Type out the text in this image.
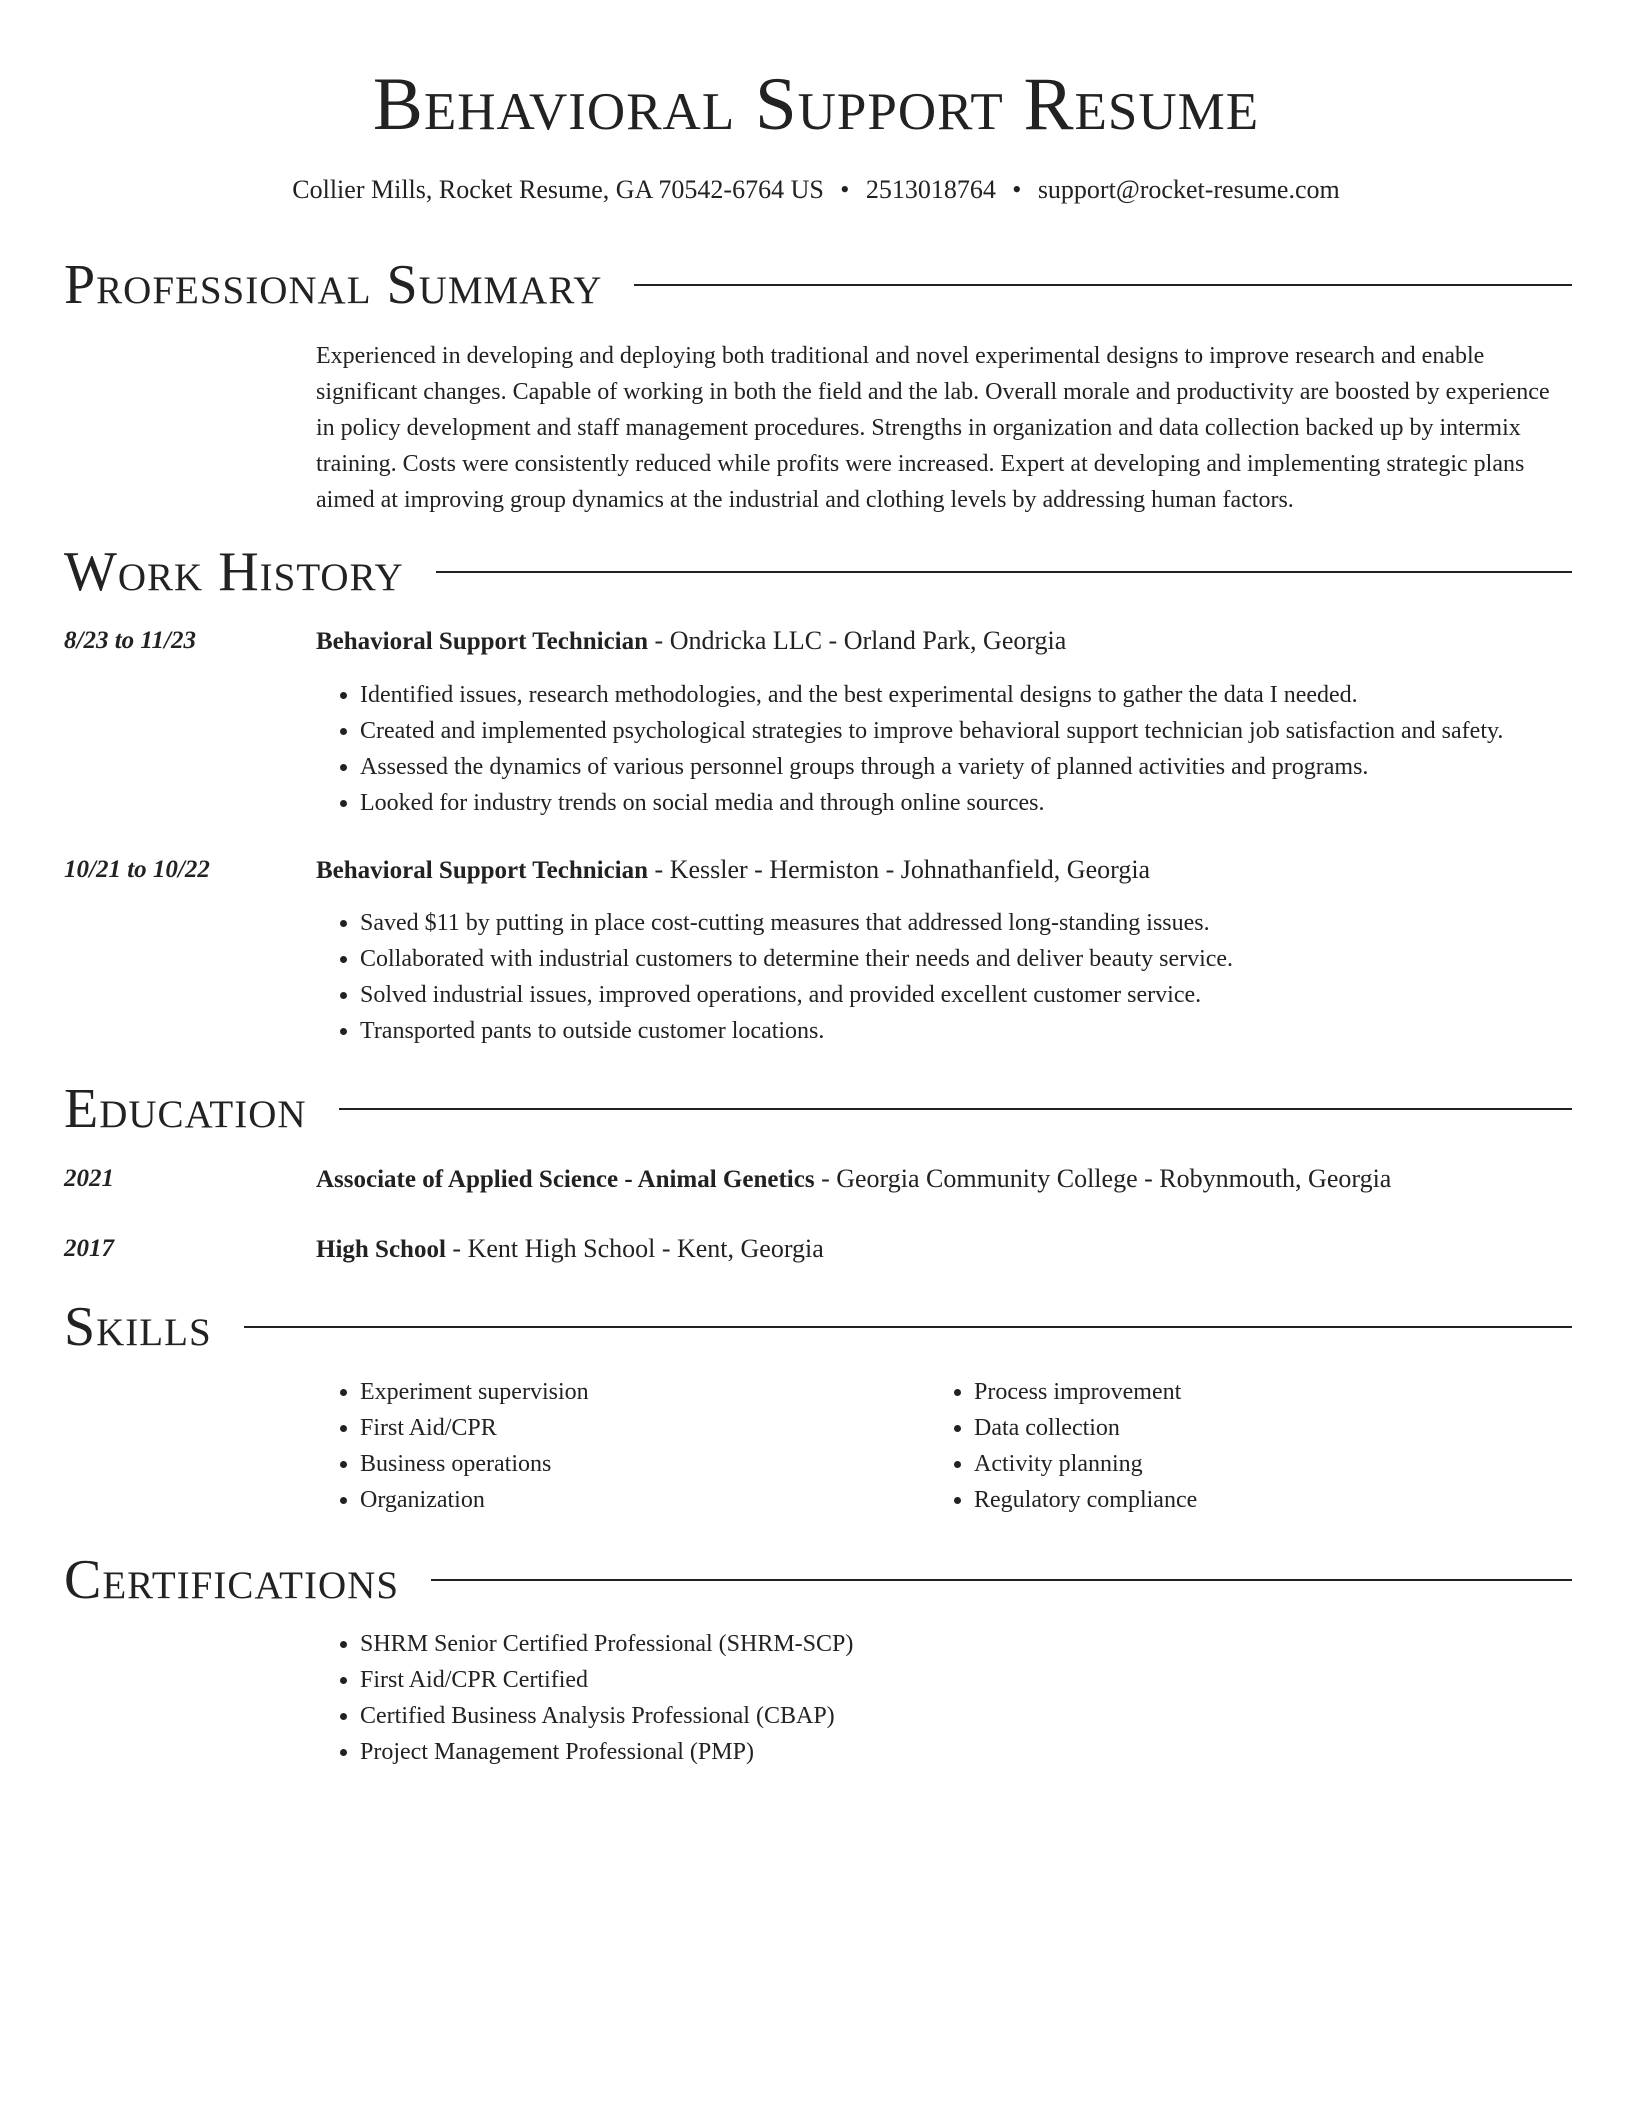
Behavioral Support Resume
Collier Mills, Rocket Resume, GA 70542-6764 US • 2513018764 • support@rocket-resume.com
Professional Summary

Experienced in developing and deploying both traditional and novel experimental designs to improve research and enable significant changes. Capable of working in both the field and the lab. Overall morale and productivity are boosted by experience in policy development and staff management procedures. Strengths in organization and data collection backed up by intermix training. Costs were consistently reduced while profits were increased. Expert at developing and implementing strategic plans aimed at improving group dynamics at the industrial and clothing levels by addressing human factors.

Work History
8/23 to 11/23	Behavioral Support Technician - Ondricka LLC - Orland Park, Georgia
• Identified issues, research methodologies, and the best experimental designs to gather the data I needed.
• Created and implemented psychological strategies to improve behavioral support technician job satisfaction and safety.
• Assessed the dynamics of various personnel groups through a variety of planned activities and programs.
• Looked for industry trends on social media and through online sources.
10/21 to 10/22	Behavioral Support Technician - Kessler - Hermiston - Johnathanfield, Georgia
• Saved $11 by putting in place cost-cutting measures that addressed long-standing issues.
• Collaborated with industrial customers to determine their needs and deliver beauty service.
• Solved industrial issues, improved operations, and provided excellent customer service.
• Transported pants to outside customer locations.
Education
2021	Associate of Applied Science - Animal Genetics - Georgia Community College - Robynmouth, Georgia
2017	High School - Kent High School - Kent, Georgia
Skills
• Experiment supervision
• First Aid/CPR
• Business operations
• Organization
• Process improvement
• Data collection
• Activity planning
• Regulatory compliance
Certifications
• SHRM Senior Certified Professional (SHRM-SCP)
• First Aid/CPR Certified
• Certified Business Analysis Professional (CBAP)
• Project Management Professional (PMP)
